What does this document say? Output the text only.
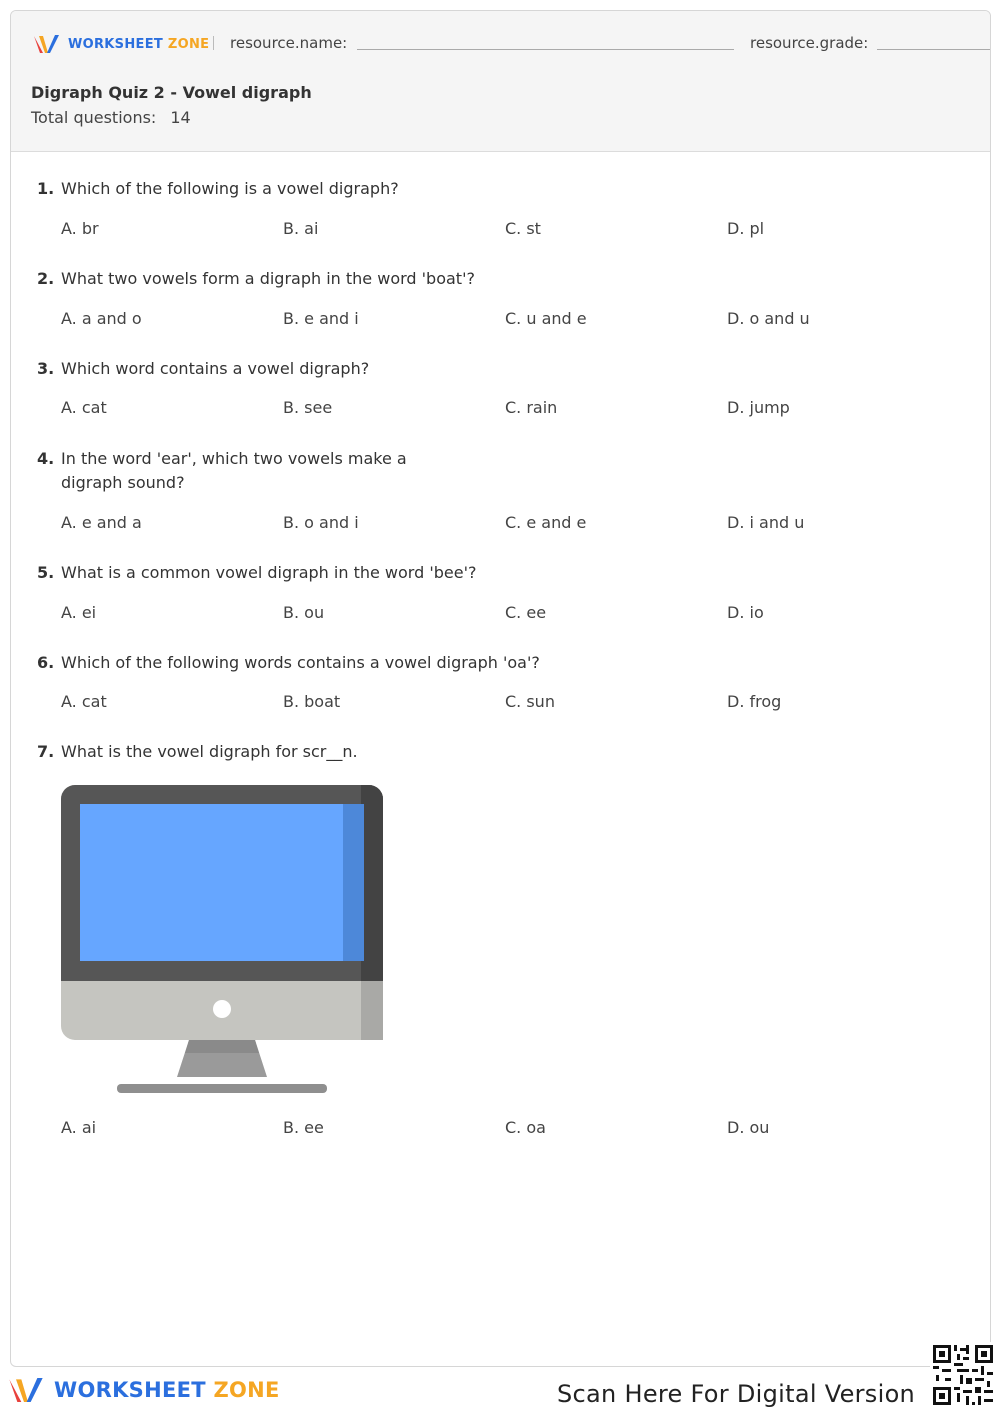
WORKSHEET ZONE resource.name:	resource.grade:
Digraph Quiz 2 - Vowel digraph
Total questions: 14
1. Which of the following is a vowel digraph?
A. br	B. ai	C. st	D. pl
2. What two vowels form a digraph in the word 'boat'?
A. a and o	B. e and i	C. u and e	D. o and u
3. Which word contains a vowel digraph?
A. cat	B. see	C. rain	D. jump
4. In the word 'ear', which two vowels make a digraph sound?
A. e and a	B. o and i	C. e and e	D. i and u
5. What is a common vowel digraph in the word 'bee'?
A. ei	B. ou	C. ee	D. io
6. Which of the following words contains a vowel digraph 'oa'?
A. cat	B. boat	C. sun	D. frog
7. What is the vowel digraph for scr__n.
A. ai	B. ee	C. oa	D. ou
WORKSHEET ZONE	Scan Here For Digital Version
